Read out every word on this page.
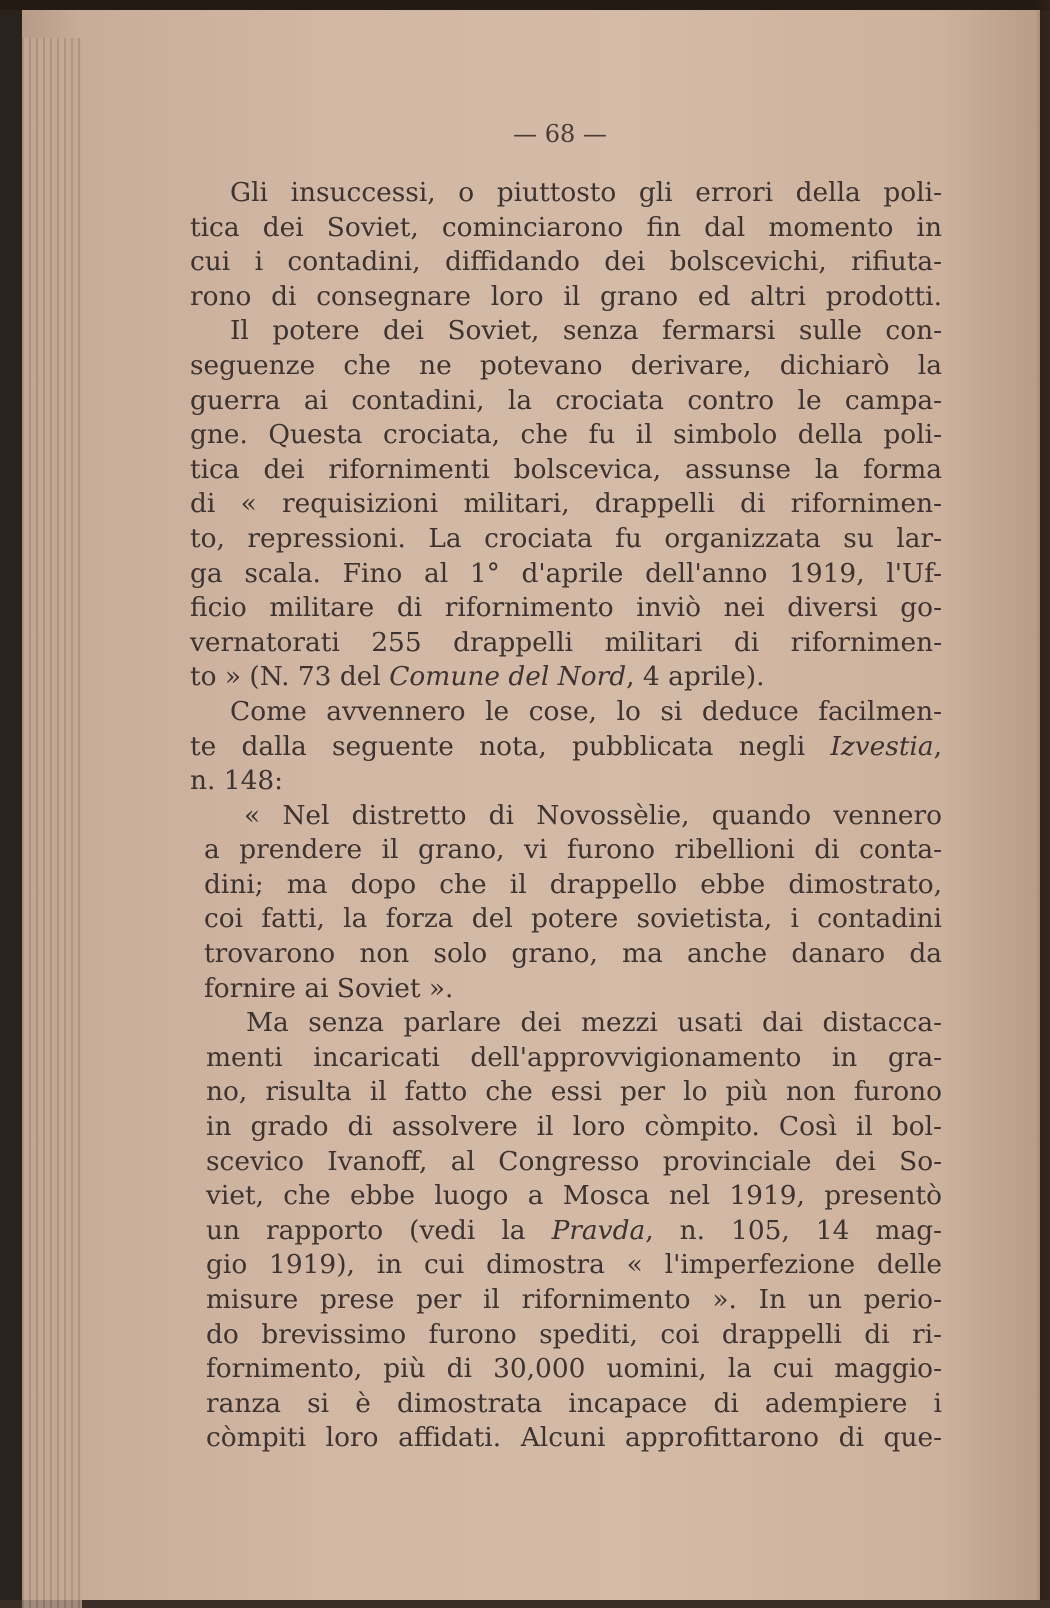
— 68 —
Gli insuccessi, o piuttosto gli errori della poli-
tica dei Soviet, cominciarono fin dal momento in
cui i contadini, diffidando dei bolscevichi, rifiuta-
rono di consegnare loro il grano ed altri prodotti.
Il potere dei Soviet, senza fermarsi sulle con-
seguenze che ne potevano derivare, dichiarò la
guerra ai contadini, la crociata contro le campa-
gne. Questa crociata, che fu il simbolo della poli-
tica dei rifornimenti bolscevica, assunse la forma
di « requisizioni militari, drappelli di rifornimen-
to, repressioni. La crociata fu organizzata su lar-
ga scala. Fino al 1° d'aprile dell'anno 1919, l'Uf-
ficio militare di rifornimento inviò nei diversi go-
vernatorati 255 drappelli militari di rifornimen-
to » (N. 73 del Comune del Nord, 4 aprile).
Come avvennero le cose, lo si deduce facilmen-
te dalla seguente nota, pubblicata negli Izvestia,
n. 148:
« Nel distretto di Novossèlie, quando vennero
a prendere il grano, vi furono ribellioni di conta-
dini; ma dopo che il drappello ebbe dimostrato,
coi fatti, la forza del potere sovietista, i contadini
trovarono non solo grano, ma anche danaro da
fornire ai Soviet ».
Ma senza parlare dei mezzi usati dai distacca-
menti incaricati dell'approvvigionamento in gra-
no, risulta il fatto che essi per lo più non furono
in grado di assolvere il loro còmpito. Così il bol-
scevico Ivanoff, al Congresso provinciale dei So-
viet, che ebbe luogo a Mosca nel 1919, presentò
un rapporto (vedi la Pravda, n. 105, 14 mag-
gio 1919), in cui dimostra « l'imperfezione delle
misure prese per il rifornimento ». In un perio-
do brevissimo furono spediti, coi drappelli di ri-
fornimento, più di 30,000 uomini, la cui maggio-
ranza si è dimostrata incapace di adempiere i
còmpiti loro affidati. Alcuni approfittarono di que-
